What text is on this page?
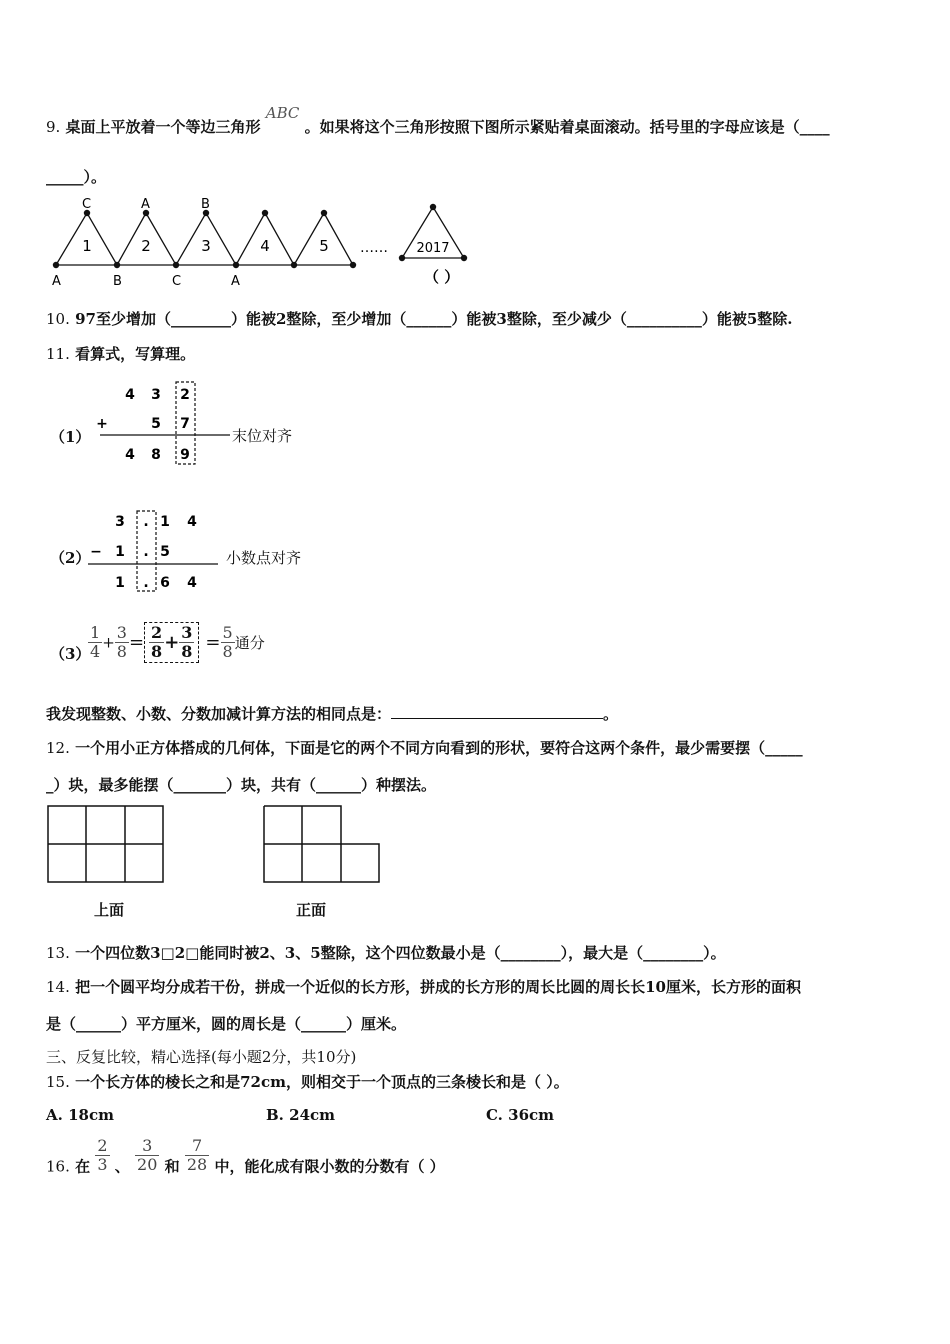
9. 桌面上平放着一个等边三角形 ABC 。如果将这个三角形按照下图所示紧贴着桌面滚动。括号里的字母应该是（____
_____）。
A	B	C	A
C	A	B
1	2	3	4	5 …… 2017
（ ）
10. 97至少增加（________）能被2整除，至少增加（______）能被3整除，至少减少（__________）能被5整除.
11. 看算式，写算理。
（1）
4 3 2
+	5 7
4 8 9
末位对齐
（2）
3 . 1 4
− 1 . 5
1 . 6 4
小数点对齐
（3）
$\frac{1}{4} + \frac{3}{8} = \frac{2}{8} + \frac{3}{8} = \frac{5}{8}$ 通分
我发现整数、小数、分数加减计算方法的相同点是：	。
12. 一个用小正方体搭成的几何体，下面是它的两个不同方向看到的形状，要符合这两个条件，最少需要摆（_____
_）块，最多能摆（_______）块，共有（______）种摆法。
上面	正面
13. 一个四位数3□2□能同时被2、3、5整除，这个四位数最小是（________），最大是（________）。
14. 把一个圆平均分成若干份，拼成一个近似的长方形，拼成的长方形的周长比圆的周长长10厘米，长方形的面积
是（______）平方厘米，圆的周长是（______）厘米。
三、反复比较，精心选择(每小题2分，共10分)
15. 一个长方体的棱长之和是72cm，则相交于一个顶点的三条棱长和是（ ）。
A. 18cm	B. 24cm	C. 36cm
16. 在 $\frac{2}{3}$ 、 $\frac{3}{20}$ 和 $\frac{7}{28}$ 中，能化成有限小数的分数有（ ）
